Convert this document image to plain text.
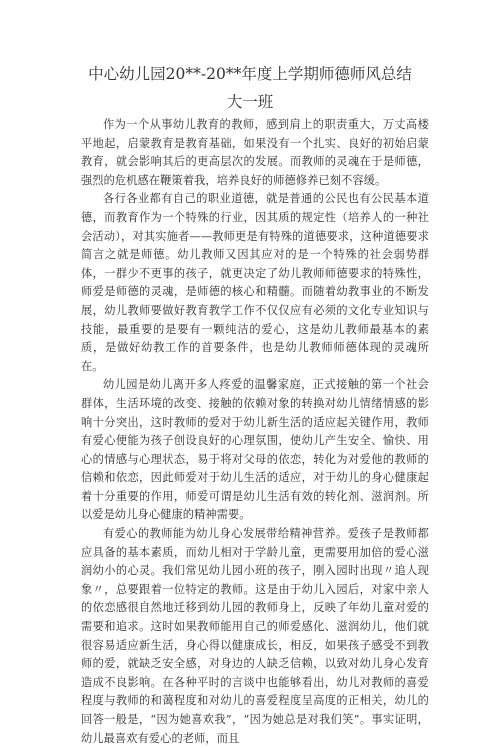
中心幼儿园20**-20**年度上学期师德师风总结
大一班

作为一个从事幼儿教育的教师，感到肩上的职责重大，万丈高楼平地起，启蒙教育是教育基础，如果没有一个扎实、良好的初始启蒙教育，就会影响其后的更高层次的发展。而教师的灵魂在于是师德，强烈的危机感在鞭策着我，培养良好的师德修养已刻不容缓。

各行各业都有自己的职业道德，就是普通的公民也有公民基本道德，而教育作为一个特殊的行业，因其质的规定性（培养人的一种社会活动），对其实施者——教师更是有特殊的道德要求，这种道德要求简言之就是师德。幼儿教师又因其应对的是一个特殊的社会弱势群体，一群少不更事的孩子，就更决定了幼儿教师师德要求的特殊性，师爱是师德的灵魂，是师德的核心和精髓。而随着幼教事业的不断发展，幼儿教师要做好教育教学工作不仅仅应有必须的文化专业知识与技能，最重要的是要有一颗纯洁的爱心，这是幼儿教师最基本的素质，是做好幼教工作的首要条件，也是幼儿教师师德体现的灵魂所在。

幼儿园是幼儿离开多人疼爱的温馨家庭，正式接触的第一个社会群体，生活环境的改变、接触的依赖对象的转换对幼儿情绪情感的影响十分突出，这时教师的爱对于幼儿新生活的适应起关键作用，教师有爱心便能为孩子创设良好的心理氛围，使幼儿产生安全、愉快、用心的情感与心理状态，易于将对父母的依恋，转化为对爱他的教师的信赖和依恋，因此师爱对于幼儿生活的适应，对于幼儿的身心健康起着十分重要的作用，师爱可谓是幼儿生活有效的转化剂、滋润剂。所以爱是幼儿身心健康的精神需要。

有爱心的教师能为幼儿身心发展带给精神营养。爱孩子是教师都应具备的基本素质，而幼儿相对于学龄儿童，更需要用加倍的爱心滋润幼小的心灵。我们常见幼儿园小班的孩子，刚入园时出现〃追人现象〃，总要跟着一位特定的教师。这是由于幼儿入园后，对家中亲人的依恋感很自然地迁移到幼儿园的教师身上，反映了年幼儿童对爱的需要和追求。这时如果教师能用自己的师爱感化、滋润幼儿，他们就很容易适应新生活，身心得以健康成长，相反，如果孩子感受不到教师的爱，就缺乏安全感，对身边的人缺乏信赖，以致对幼儿身心发育造成不良影响。在各种平时的言谈中也能够看出，幼儿对教师的喜爱程度与教师的和蔼程度和对幼儿的喜爱程度呈高度的正相关，幼儿的回答一般是，“因为她喜欢我”，“因为她总是对我们笑”。事实证明，幼儿最喜欢有爱心的老师，而且
